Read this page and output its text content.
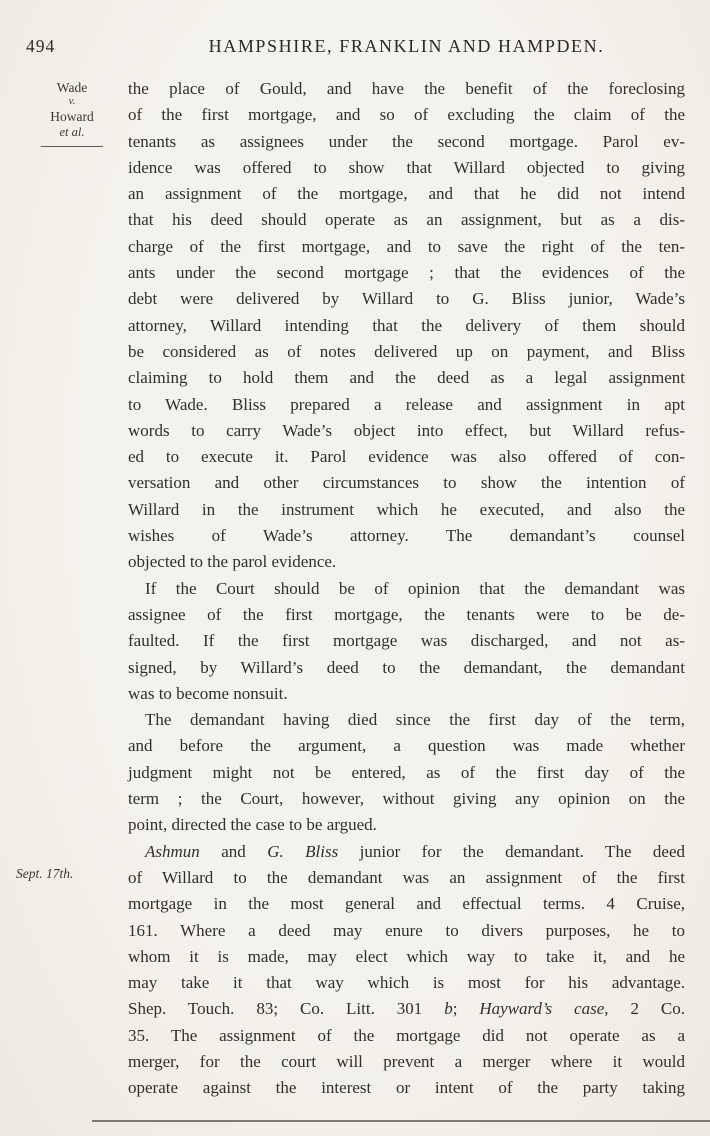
494	HAMPSHIRE, FRANKLIN AND HAMPDEN.
Wade
v.
Howard
et al.
Sept. 17th.
the place of Gould, and have the benefit of the foreclosing
of the first mortgage, and so of excluding the claim of the
tenants as assignees under the second mortgage. Parol ev-
idence was offered to show that Willard objected to giving
an assignment of the mortgage, and that he did not intend
that his deed should operate as an assignment, but as a dis-
charge of the first mortgage, and to save the right of the ten-
ants under the second mortgage ; that the evidences of the
debt were delivered by Willard to G. Bliss junior, Wade’s
attorney, Willard intending that the delivery of them should
be considered as of notes delivered up on payment, and Bliss
claiming to hold them and the deed as a legal assignment
to Wade. Bliss prepared a release and assignment in apt
words to carry Wade’s object into effect, but Willard refus-
ed to execute it. Parol evidence was also offered of con-
versation and other circumstances to show the intention of
Willard in the instrument which he executed, and also the
wishes of Wade’s attorney. The demandant’s counsel
objected to the parol evidence.
If the Court should be of opinion that the demandant was
assignee of the first mortgage, the tenants were to be de-
faulted. If the first mortgage was discharged, and not as-
signed, by Willard’s deed to the demandant, the demandant
was to become nonsuit.
The demandant having died since the first day of the term,
and before the argument, a question was made whether
judgment might not be entered, as of the first day of the
term ; the Court, however, without giving any opinion on the
point, directed the case to be argued.
Ashmun and G. Bliss junior for the demandant. The deed
of Willard to the demandant was an assignment of the first
mortgage in the most general and effectual terms. 4 Cruise,
161. Where a deed may enure to divers purposes, he to
whom it is made, may elect which way to take it, and he
may take it that way which is most for his advantage.
Shep. Touch. 83; Co. Litt. 301 b; Hayward’s case, 2 Co.
35. The assignment of the mortgage did not operate as a
merger, for the court will prevent a merger where it would
operate against the interest or intent of the party taking
